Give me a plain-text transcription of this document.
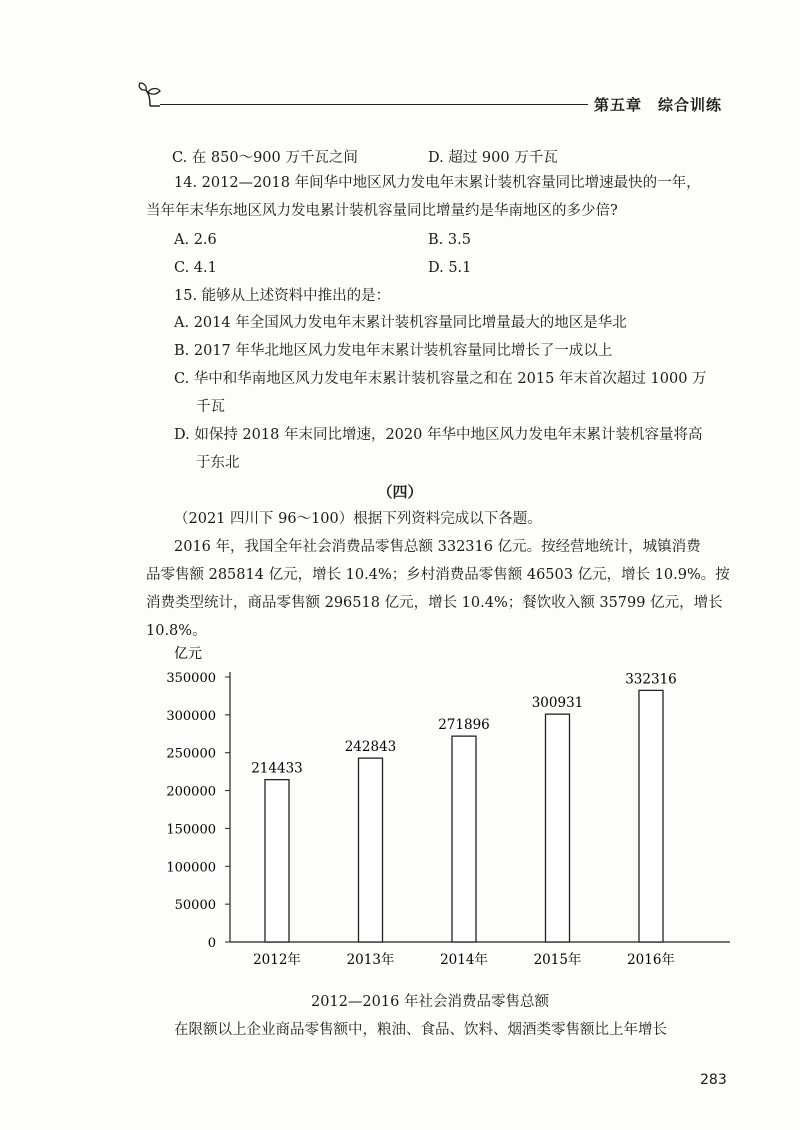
第五章　综合训练
C. 在 850～900 万千瓦之间	D. 超过 900 万千瓦
14. 2012—2018 年间华中地区风力发电年末累计装机容量同比增速最快的一年，
当年年末华东地区风力发电累计装机容量同比增量约是华南地区的多少倍?
A. 2.6	B. 3.5
C. 4.1	D. 5.1
15. 能够从上述资料中推出的是：
A. 2014 年全国风力发电年末累计装机容量同比增量最大的地区是华北
B. 2017 年华北地区风力发电年末累计装机容量同比增长了一成以上
C. 华中和华南地区风力发电年末累计装机容量之和在 2015 年末首次超过 1000 万
千瓦
D. 如保持 2018 年末同比增速，2020 年华中地区风力发电年末累计装机容量将高
于东北
（四）
（2021 四川下 96～100）根据下列资料完成以下各题。
2016 年，我国全年社会消费品零售总额 332316 亿元。按经营地统计，城镇消费
品零售额 285814 亿元，增长 10.4%；乡村消费品零售额 46503 亿元，增长 10.9%。按
消费类型统计，商品零售额 296518 亿元，增长 10.4%；餐饮收入额 35799 亿元，增长
10.8%。
亿元
0
50000
100000
150000
200000
250000
300000
350000
2012年	2013年	2014年	2015年	2016年
214433
242843
271896
300931
332316
2012—2016 年社会消费品零售总额
在限额以上企业商品零售额中，粮油、食品、饮料、烟酒类零售额比上年增长
283
